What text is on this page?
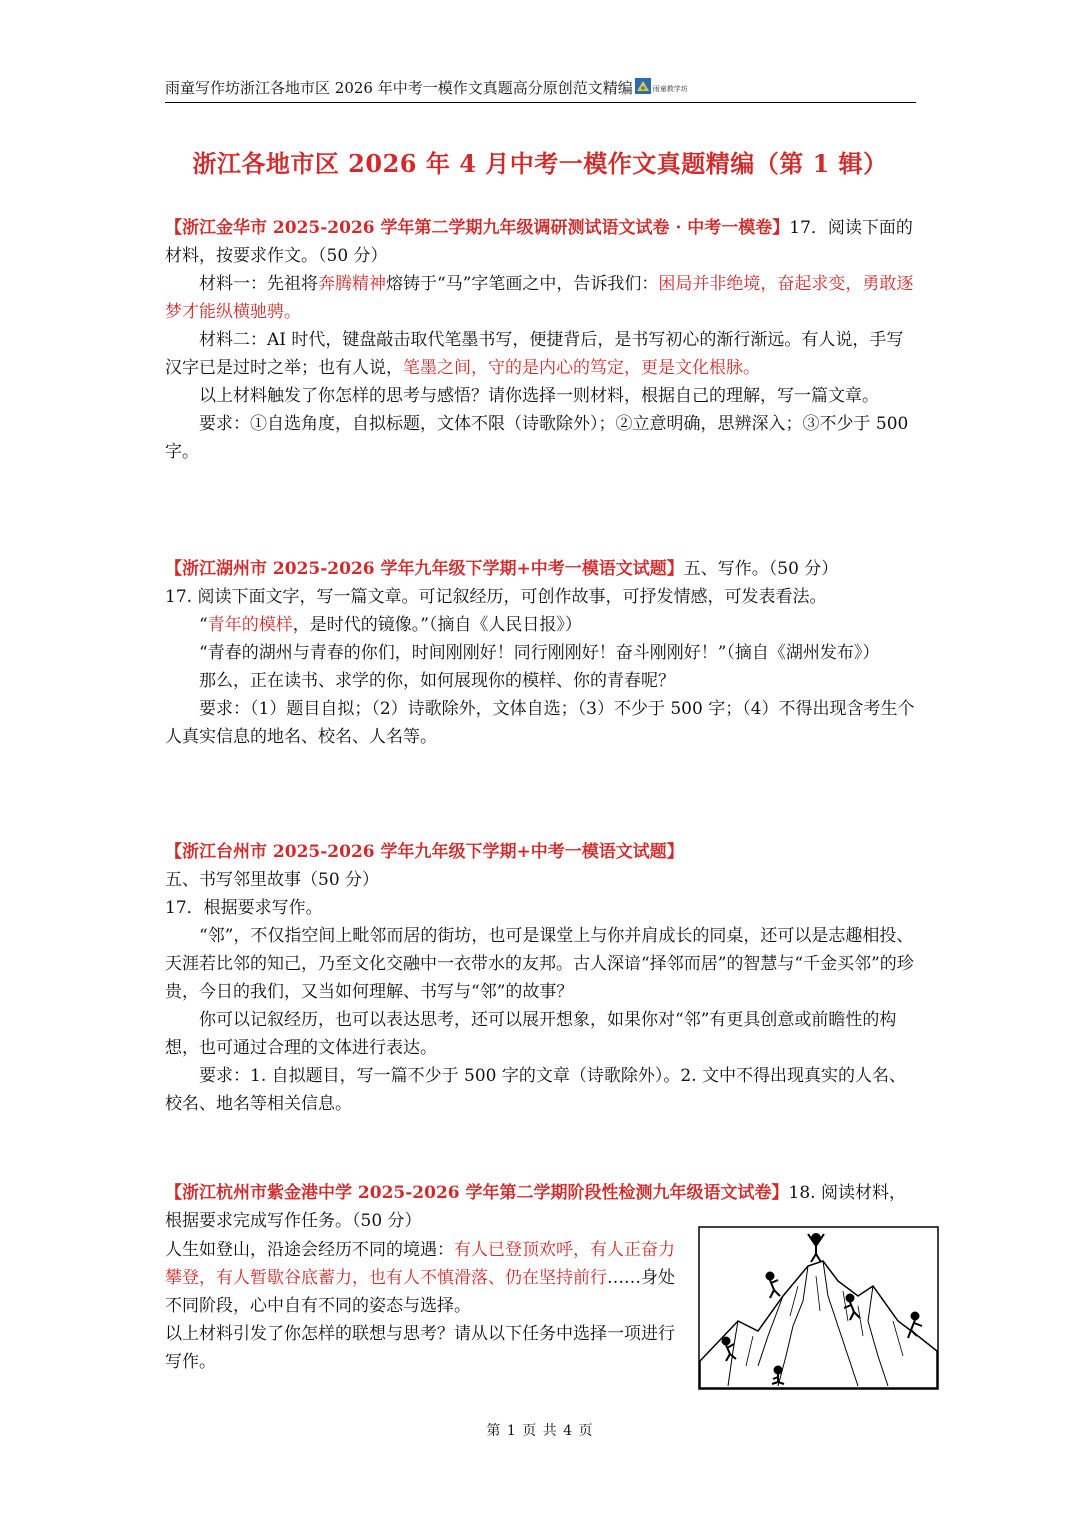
雨童写作坊浙江各地市区 2026 年中考一模作文真题高分原创范文精编	雨童教学坊
浙江各地市区 2026 年 4 月中考一模作文真题精编（第 1 辑）

【浙江金华市 2025-2026 学年第二学期九年级调研测试语文试卷 · 中考一模卷】17．阅读下面的材料，按要求作文。（50 分）

材料一：先祖将奔腾精神熔铸于“马”字笔画之中，告诉我们：困局并非绝境，奋起求变，勇敢逐梦才能纵横驰骋。

材料二：AI 时代，键盘敲击取代笔墨书写，便捷背后，是书写初心的渐行渐远。有人说，手写汉字已是过时之举；也有人说，笔墨之间，守的是内心的笃定，更是文化根脉。

以上材料触发了你怎样的思考与感悟？请你选择一则材料，根据自己的理解，写一篇文章。

要求：①自选角度，自拟标题，文体不限（诗歌除外）；②立意明确，思辨深入；③不少于 500 字。

【浙江湖州市 2025-2026 学年九年级下学期+中考一模语文试题】五、写作。（50 分）

17. 阅读下面文字，写一篇文章。可记叙经历，可创作故事，可抒发情感，可发表看法。

“青年的模样，是时代的镜像。”（摘自《人民日报》）

“青春的湖州与青春的你们，时间刚刚好！同行刚刚好！奋斗刚刚好！”（摘自《湖州发布》）

那么，正在读书、求学的你，如何展现你的模样、你的青春呢？

要求：（1）题目自拟；（2）诗歌除外，文体自选；（3）不少于 500 字；（4）不得出现含考生个人真实信息的地名、校名、人名等。

【浙江台州市 2025-2026 学年九年级下学期+中考一模语文试题】

五、书写邻里故事（50 分）

17．根据要求写作。

“邻”，不仅指空间上毗邻而居的街坊，也可是课堂上与你并肩成长的同桌，还可以是志趣相投、天涯若比邻的知己，乃至文化交融中一衣带水的友邦。古人深谙“择邻而居”的智慧与“千金买邻”的珍贵，今日的我们，又当如何理解、书写与“邻”的故事？

你可以记叙经历，也可以表达思考，还可以展开想象，如果你对“邻”有更具创意或前瞻性的构想，也可通过合理的文体进行表达。

要求：1. 自拟题目，写一篇不少于 500 字的文章（诗歌除外）。2. 文中不得出现真实的人名、校名、地名等相关信息。

【浙江杭州市紫金港中学 2025-2026 学年第二学期阶段性检测九年级语文试卷】18. 阅读材料，根据要求完成写作任务。（50 分）

人生如登山，沿途会经历不同的境遇：有人已登顶欢呼，有人正奋力攀登，有人暂歇谷底蓄力，也有人不慎滑落、仍在坚持前行……身处不同阶段，心中自有不同的姿态与选择。

以上材料引发了你怎样的联想与思考？请从以下任务中选择一项进行写作。

第 1 页 共 4 页
